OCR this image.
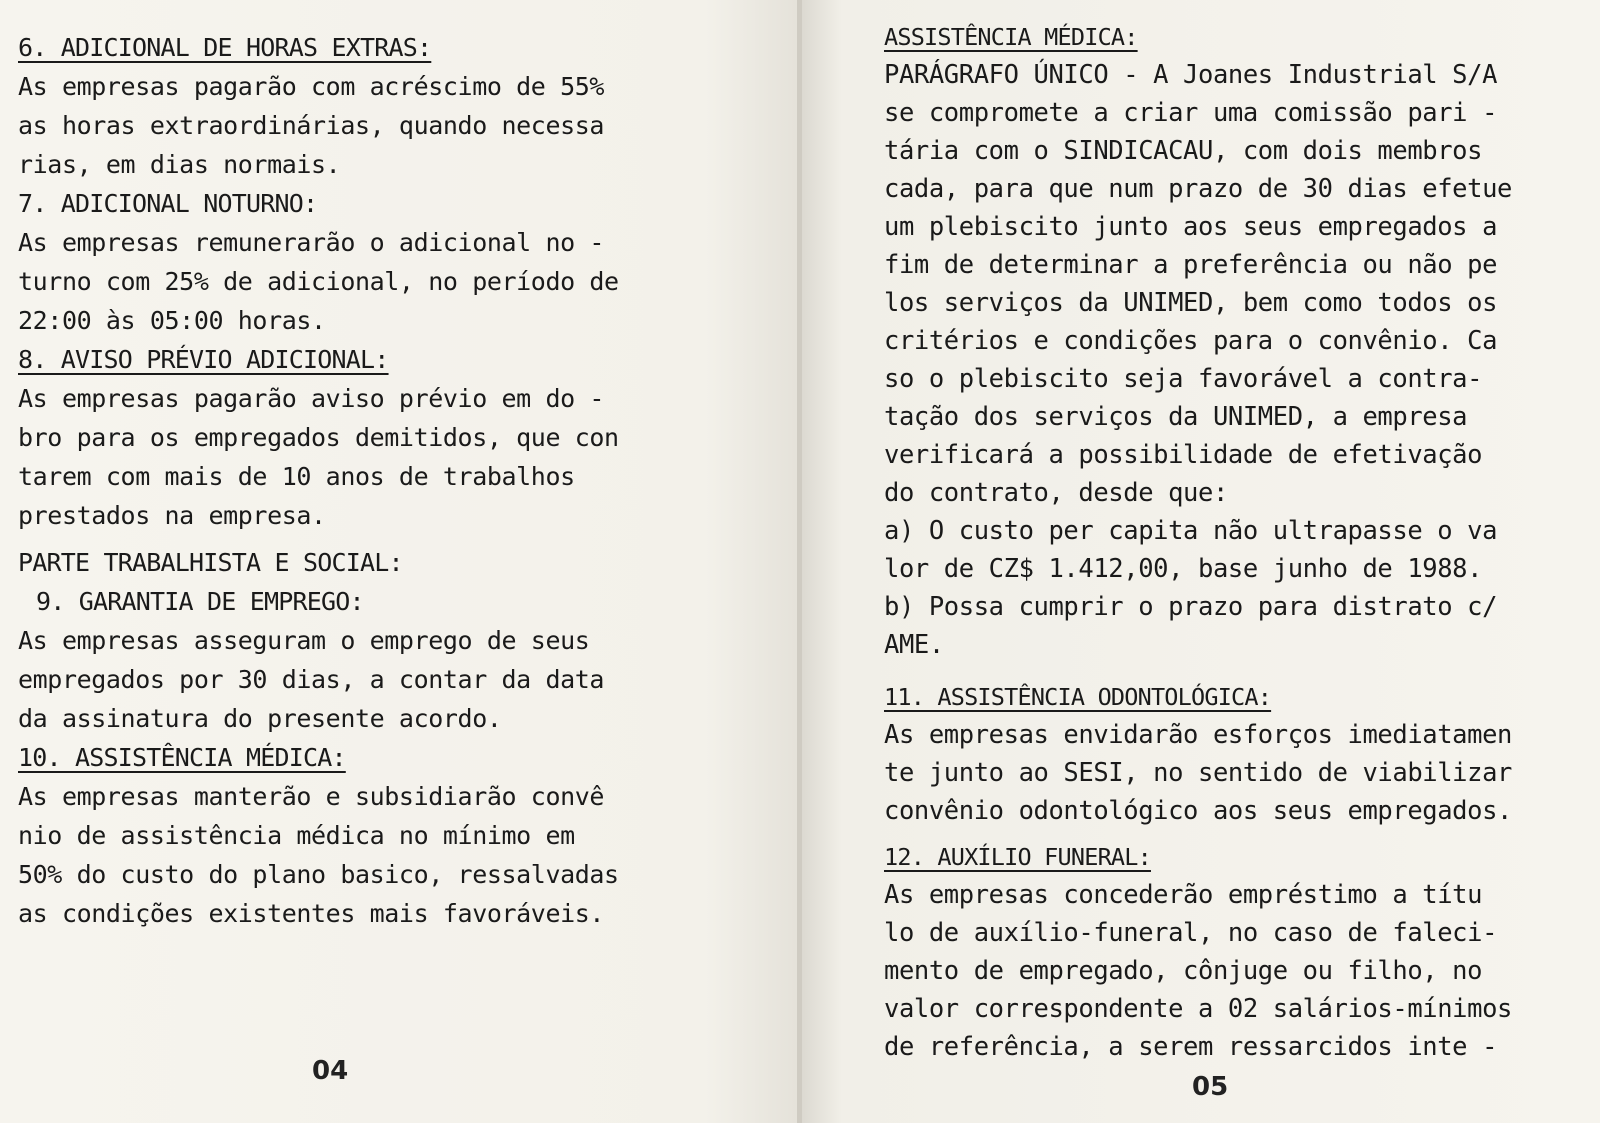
6. ADICIONAL DE HORAS EXTRAS:
As empresas pagarão com acréscimo de 55%
as horas extraordinárias, quando necessa
rias, em dias normais.
7. ADICIONAL NOTURNO:
As empresas remunerarão o adicional no -
turno com 25% de adicional, no período de
22:00 às 05:00 horas.
8. AVISO PRÉVIO ADICIONAL:
As empresas pagarão aviso prévio em do -
bro para os empregados demitidos, que con
tarem com mais de 10 anos de trabalhos
prestados na empresa.
PARTE TRABALHISTA E SOCIAL:
9. GARANTIA DE EMPREGO:
As empresas asseguram o emprego de seus
empregados por 30 dias, a contar da data
da assinatura do presente acordo.
10. ASSISTÊNCIA MÉDICA:
As empresas manterão e subsidiarão convê
nio de assistência médica no mínimo em
50% do custo do plano basico, ressalvadas
as condições existentes mais favoráveis.
04
ASSISTÊNCIA MÉDICA:
PARÁGRAFO ÚNICO - A Joanes Industrial S/A
se compromete a criar uma comissão pari -
tária com o SINDICACAU, com dois membros
cada, para que num prazo de 30 dias efetue
um plebiscito junto aos seus empregados a
fim de determinar a preferência ou não pe
los serviços da UNIMED, bem como todos os
critérios e condições para o convênio. Ca
so o plebiscito seja favorável a contra-
tação dos serviços da UNIMED, a empresa
verificará a possibilidade de efetivação
do contrato, desde que:
a) O custo per capita não ultrapasse o va
lor de CZ$ 1.412,00, base junho de 1988.
b) Possa cumprir o prazo para distrato c/
AME.
11. ASSISTÊNCIA ODONTOLÓGICA:
As empresas envidarão esforços imediatamen
te junto ao SESI, no sentido de viabilizar
convênio odontológico aos seus empregados.
12. AUXÍLIO FUNERAL:
As empresas concederão empréstimo a títu
lo de auxílio-funeral, no caso de faleci-
mento de empregado, cônjuge ou filho, no
valor correspondente a 02 salários-mínimos
de referência, a serem ressarcidos inte -
05
